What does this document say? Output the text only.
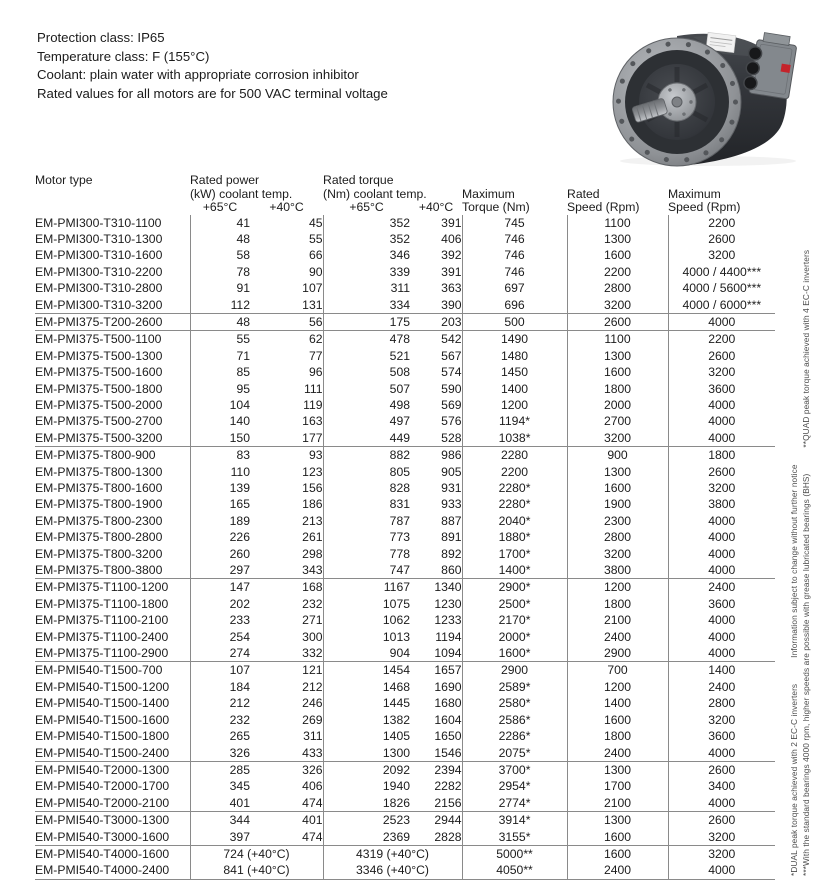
Protection class: IP65
Temperature class: F (155°C)
Coolant: plain water with appropriate corrosion inhibitor
Rated values for all motors are for 500 VAC terminal voltage
Motor type	Rated power		Rated torque				
	(kW) coolant temp.		(Nm) coolant temp.		Maximum	Rated	Maximum
	+65°C	+40°C	+65°C	+40°C	Torque (Nm)	Speed (Rpm)	Speed (Rpm)
EM-PMI300-T310-1100	41	45	352	391	745	1100	2200
EM-PMI300-T310-1300	48	55	352	406	746	1300	2600
EM-PMI300-T310-1600	58	66	346	392	746	1600	3200
EM-PMI300-T310-2200	78	90	339	391	746	2200	4000 / 4400***
EM-PMI300-T310-2800	91	107	311	363	697	2800	4000 / 5600***
EM-PMI300-T310-3200	112	131	334	390	696	3200	4000 / 6000***
EM-PMI375-T200-2600	48	56	175	203	500	2600	4000
EM-PMI375-T500-1100	55	62	478	542	1490	1100	2200
EM-PMI375-T500-1300	71	77	521	567	1480	1300	2600
EM-PMI375-T500-1600	85	96	508	574	1450	1600	3200
EM-PMI375-T500-1800	95	111	507	590	1400	1800	3600
EM-PMI375-T500-2000	104	119	498	569	1200	2000	4000
EM-PMI375-T500-2700	140	163	497	576	1194*	2700	4000
EM-PMI375-T500-3200	150	177	449	528	1038*	3200	4000
EM-PMI375-T800-900	83	93	882	986	2280	900	1800
EM-PMI375-T800-1300	110	123	805	905	2200	1300	2600
EM-PMI375-T800-1600	139	156	828	931	2280*	1600	3200
EM-PMI375-T800-1900	165	186	831	933	2280*	1900	3800
EM-PMI375-T800-2300	189	213	787	887	2040*	2300	4000
EM-PMI375-T800-2800	226	261	773	891	1880*	2800	4000
EM-PMI375-T800-3200	260	298	778	892	1700*	3200	4000
EM-PMI375-T800-3800	297	343	747	860	1400*	3800	4000
EM-PMI375-T1100-1200	147	168	1167	1340	2900*	1200	2400
EM-PMI375-T1100-1800	202	232	1075	1230	2500*	1800	3600
EM-PMI375-T1100-2100	233	271	1062	1233	2170*	2100	4000
EM-PMI375-T1100-2400	254	300	1013	1194	2000*	2400	4000
EM-PMI375-T1100-2900	274	332	904	1094	1600*	2900	4000
EM-PMI540-T1500-700	107	121	1454	1657	2900	700	1400
EM-PMI540-T1500-1200	184	212	1468	1690	2589*	1200	2400
EM-PMI540-T1500-1400	212	246	1445	1680	2580*	1400	2800
EM-PMI540-T1500-1600	232	269	1382	1604	2586*	1600	3200
EM-PMI540-T1500-1800	265	311	1405	1650	2286*	1800	3600
EM-PMI540-T1500-2400	326	433	1300	1546	2075*	2400	4000
EM-PMI540-T2000-1300	285	326	2092	2394	3700*	1300	2600
EM-PMI540-T2000-1700	345	406	1940	2282	2954*	1700	3400
EM-PMI540-T2000-2100	401	474	1826	2156	2774*	2100	4000
EM-PMI540-T3000-1300	344	401	2523	2944	3914*	1300	2600
EM-PMI540-T3000-1600	397	474	2369	2828	3155*	1600	3200
EM-PMI540-T4000-1600	724 (+40°C)		4319 (+40°C)		5000**	1600	3200
EM-PMI540-T4000-2400	841 (+40°C)		3346 (+40°C)		4050**	2400	4000	***With the standard bearings 4000 rpm, higher speeds are possible with grease lubricated bearings (BHS)**QUAD peak torque achieved with 4 EC-C inverters
*DUAL peak torque achieved with 2 EC-C invertersInformation subject to change without further notice
